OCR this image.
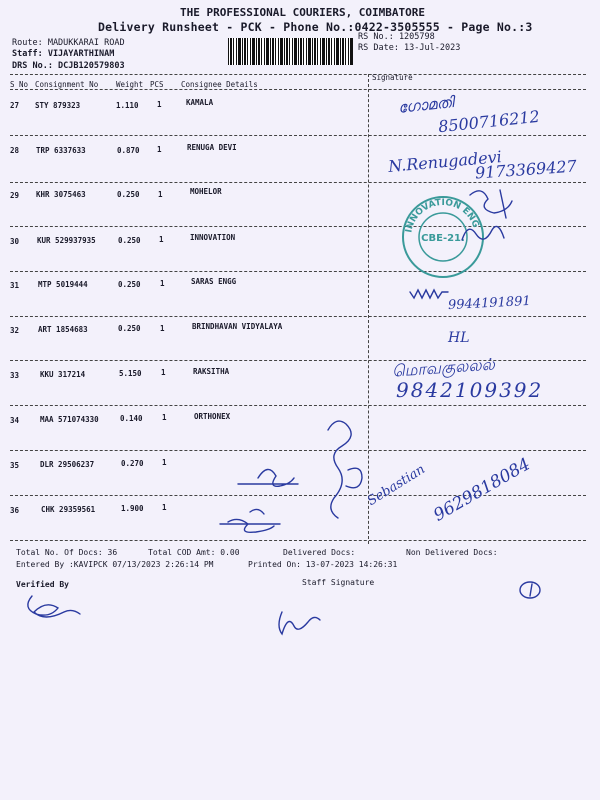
THE PROFESSIONAL COURIERS, COIMBATORE
Delivery Runsheet - PCK - Phone No.:0422-3505555 - Page No.:3
Route: MADUKKARAI ROAD
Staff: VIJAYARTHINAM
DRS No.: DCJB120579803
RS No.: 1205798
RS Date: 13-Jul-2023
S No Consignment No Weight PCS Consignee Details
Signature
27 STY 879323	1.110 1	KAMALA
28 TRP 6337633	0.870 1	RENUGA DEVI
29 KHR 3075463	0.250 1	MOHELOR
30 KUR 529937935	0.250 1	INNOVATION
31	MTP 5019444	0.250	1	SARAS ENGG
32	ART 1854683	0.250	1	BRINDHAVAN VIDYALAYA
33	KKU 317214	5.150	1	RAKSITHA
34	MAA 571074330	0.140	1	ORTHONEX
35	DLR 29506237	0.270 1
36	CHK 29359561	1.900 1
ഗോമതി
8500716212
N.Renugadevi
9173369427
9944191891
HL
மொவகுலலல்
9842109392
Sebastian 9629818084
INNOVATION ENG
CBE-21.
Total No. Of Docs: 36	Total COD Amt: 0.00	Delivered Docs:	Non Delivered Docs:
Entered By :KAVIPCK 07/13/2023 2:26:14 PM	Printed On: 13-07-2023 14:26:31
Verified By	Staff Signature
